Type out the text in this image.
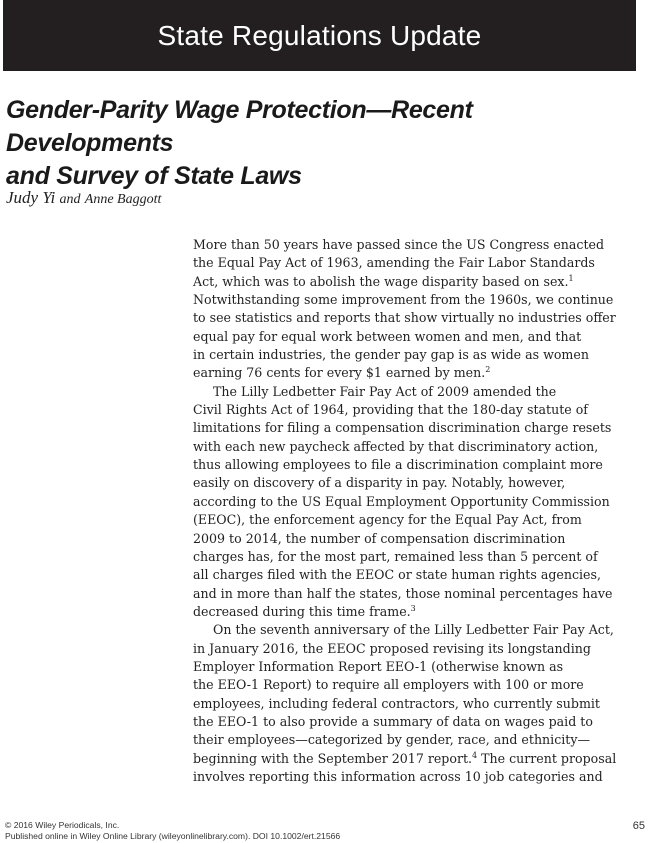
State Regulations Update
Gender-Parity Wage Protection—Recent Developments
and Survey of State Laws
Judy Yi and Anne Baggott
More than 50 years have passed since the US Congress enacted
the Equal Pay Act of 1963, amending the Fair Labor Standards
Act, which was to abolish the wage disparity based on sex.$^1$
Notwithstanding some improvement from the 1960s, we continue
to see statistics and reports that show virtually no industries offer
equal pay for equal work between women and men, and that
in certain industries, the gender pay gap is as wide as women
earning 76 cents for every $1 earned by men.$^2$
The Lilly Ledbetter Fair Pay Act of 2009 amended the
Civil Rights Act of 1964, providing that the 180-day statute of
limitations for filing a compensation discrimination charge resets
with each new paycheck affected by that discriminatory action,
thus allowing employees to file a discrimination complaint more
easily on discovery of a disparity in pay. Notably, however,
according to the US Equal Employment Opportunity Commission
(EEOC), the enforcement agency for the Equal Pay Act, from
2009 to 2014, the number of compensation discrimination
charges has, for the most part, remained less than 5 percent of
all charges filed with the EEOC or state human rights agencies,
and in more than half the states, those nominal percentages have
decreased during this time frame.$^3$
On the seventh anniversary of the Lilly Ledbetter Fair Pay Act,
in January 2016, the EEOC proposed revising its longstanding
Employer Information Report EEO-1 (otherwise known as
the EEO-1 Report) to require all employers with 100 or more
employees, including federal contractors, who currently submit
the EEO-1 to also provide a summary of data on wages paid to
their employees—categorized by gender, race, and ethnicity—
beginning with the September 2017 report.$^4$ The current proposal
involves reporting this information across 10 job categories and
© 2016 Wiley Periodicals, Inc.
Published online in Wiley Online Library (wileyonlinelibrary.com). DOI 10.1002/ert.21566
65
